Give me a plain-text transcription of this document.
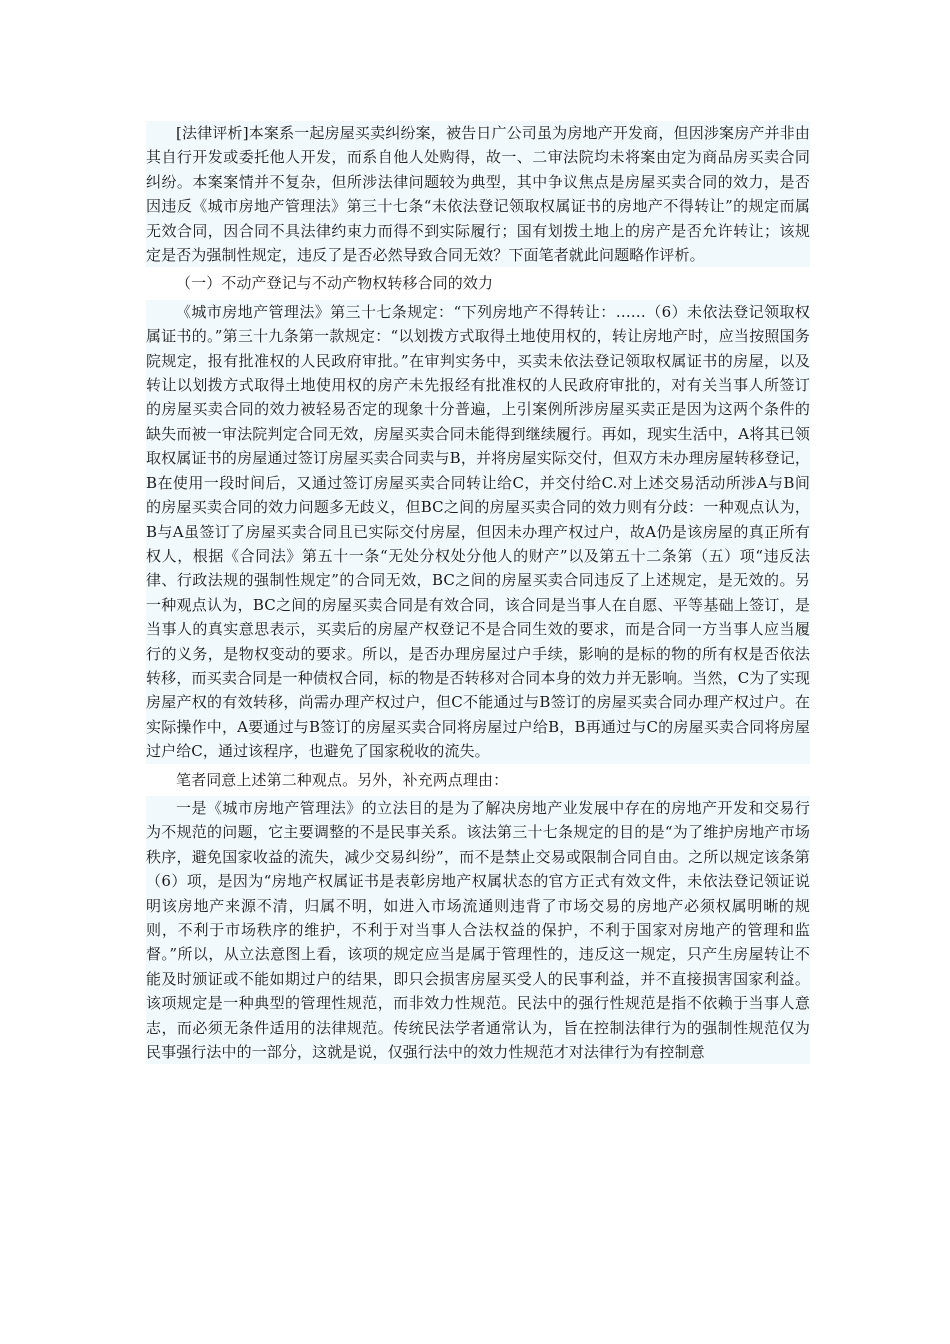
[法律评析]本案系一起房屋买卖纠纷案，被告日广公司虽为房地产开发商，但因涉案房产并非由其自行开发或委托他人开发，而系自他人处购得，故一、二审法院均未将案由定为商品房买卖合同纠纷。本案案情并不复杂，但所涉法律问题较为典型，其中争议焦点是房屋买卖合同的效力，是否因违反《城市房地产管理法》第三十七条“未依法登记领取权属证书的房地产不得转让”的规定而属无效合同，因合同不具法律约束力而得不到实际履行；国有划拨土地上的房产是否允许转让；该规定是否为强制性规定，违反了是否必然导致合同无效？下面笔者就此问题略作评析。

（一）不动产登记与不动产物权转移合同的效力

《城市房地产管理法》第三十七条规定：“下列房地产不得转让：……（6）未依法登记领取权属证书的。”第三十九条第一款规定：“以划拨方式取得土地使用权的，转让房地产时，应当按照国务院规定，报有批准权的人民政府审批。”在审判实务中，买卖未依法登记领取权属证书的房屋，以及转让以划拨方式取得土地使用权的房产未先报经有批准权的人民政府审批的，对有关当事人所签订的房屋买卖合同的效力被轻易否定的现象十分普遍，上引案例所涉房屋买卖正是因为这两个条件的缺失而被一审法院判定合同无效，房屋买卖合同未能得到继续履行。再如，现实生活中，A将其已领取权属证书的房屋通过签订房屋买卖合同卖与B，并将房屋实际交付，但双方未办理房屋转移登记，B在使用一段时间后，又通过签订房屋买卖合同转让给C，并交付给C.对上述交易活动所涉A与B间的房屋买卖合同的效力问题多无歧义，但BC之间的房屋买卖合同的效力则有分歧：一种观点认为，B与A虽签订了房屋买卖合同且已实际交付房屋，但因未办理产权过户，故A仍是该房屋的真正所有权人，根据《合同法》第五十一条“无处分权处分他人的财产”以及第五十二条第（五）项“违反法律、行政法规的强制性规定”的合同无效，BC之间的房屋买卖合同违反了上述规定，是无效的。另一种观点认为，BC之间的房屋买卖合同是有效合同，该合同是当事人在自愿、平等基础上签订，是当事人的真实意思表示，买卖后的房屋产权登记不是合同生效的要求，而是合同一方当事人应当履行的义务，是物权变动的要求。所以，是否办理房屋过户手续，影响的是标的物的所有权是否依法转移，而买卖合同是一种债权合同，标的物是否转移对合同本身的效力并无影响。当然，C为了实现房屋产权的有效转移，尚需办理产权过户，但C不能通过与B签订的房屋买卖合同办理产权过户。在实际操作中，A要通过与B签订的房屋买卖合同将房屋过户给B，B再通过与C的房屋买卖合同将房屋过户给C，通过该程序，也避免了国家税收的流失。

笔者同意上述第二种观点。另外，补充两点理由：

一是《城市房地产管理法》的立法目的是为了解决房地产业发展中存在的房地产开发和交易行为不规范的问题，它主要调整的不是民事关系。该法第三十七条规定的目的是“为了维护房地产市场秩序，避免国家收益的流失，减少交易纠纷”，而不是禁止交易或限制合同自由。之所以规定该条第（6）项，是因为“房地产权属证书是表彰房地产权属状态的官方正式有效文件，未依法登记领证说明该房地产来源不清，归属不明，如进入市场流通则违背了市场交易的房地产必须权属明晰的规则，不利于市场秩序的维护，不利于对当事人合法权益的保护，不利于国家对房地产的管理和监督。”所以，从立法意图上看，该项的规定应当是属于管理性的，违反这一规定，只产生房屋转让不能及时颁证或不能如期过户的结果，即只会损害房屋买受人的民事利益，并不直接损害国家利益。该项规定是一种典型的管理性规范，而非效力性规范。民法中的强行性规范是指不依赖于当事人意志，而必须无条件适用的法律规范。传统民法学者通常认为，旨在控制法律行为的强制性规范仅为民事强行法中的一部分，这就是说，仅强行法中的效力性规范才对法律行为有控制意
